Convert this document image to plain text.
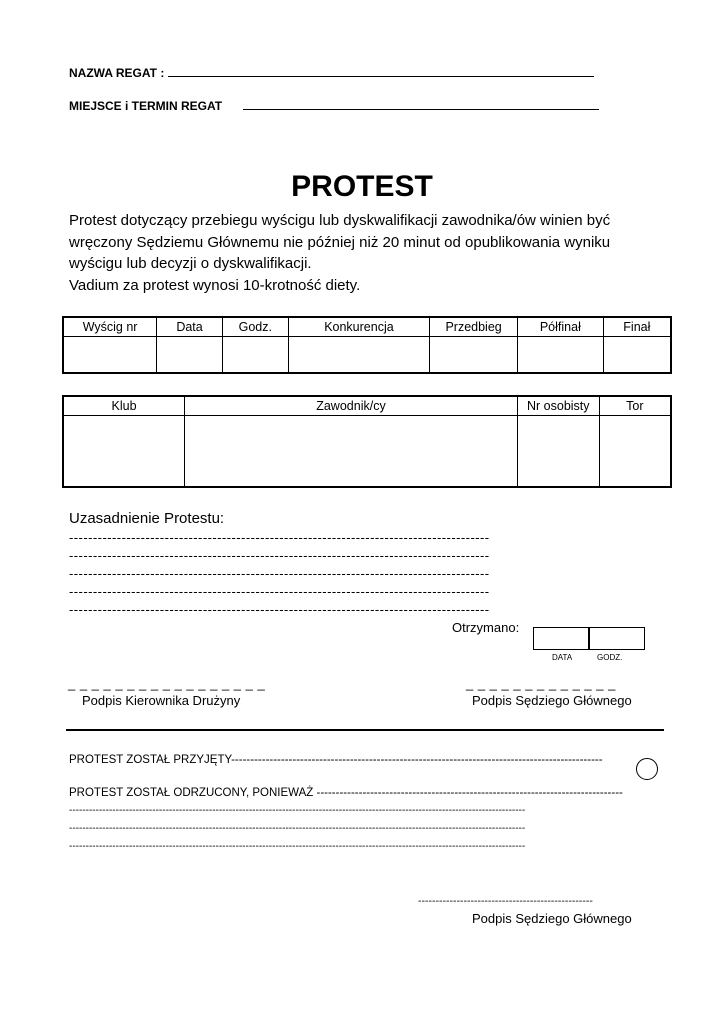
NAZWA REGAT :
MIEJSCE i TERMIN REGAT
PROTEST
Protest dotyczący przebiegu wyścigu lub dyskwalifikacji zawodnika/ów winien być
wręczony Sędziemu Głównemu nie później niż 20 minut od opublikowania wyniku
wyścigu lub decyzji o dyskwalifikacji.
Vadium za protest wynosi 10-krotność diety.
Wyścig nr	Data	Godz.	Konkurencja	Przedbieg	Półfinał	Finał

Klub	Zawodnik/cy	Nr osobisty	Tor

Uzasadnienie Protestu:
----------------------------------------------------------------------------------------
----------------------------------------------------------------------------------------
----------------------------------------------------------------------------------------
----------------------------------------------------------------------------------------
----------------------------------------------------------------------------------------
Otrzymano:
DATA	GODZ.
_ _ _ _ _ _ _ _ _ _ _ _ _ _ _ _ _	_ _ _ _ _ _ _ _ _ _ _ _ _
Podpis Kierownika Drużyny	Podpis Sędziego Głównego
PROTEST ZOSTAŁ PRZYJĘTY-------------------------------------------------------------------------------------------------
PROTEST ZOSTAŁ ODRZUCONY, PONIEWAŻ --------------------------------------------------------------------------------
-----------------------------------------------------------------------------------------------------------------------------------------
-----------------------------------------------------------------------------------------------------------------------------------------
-----------------------------------------------------------------------------------------------------------------------------------------
--------------------------------------------------
Podpis Sędziego Głównego
